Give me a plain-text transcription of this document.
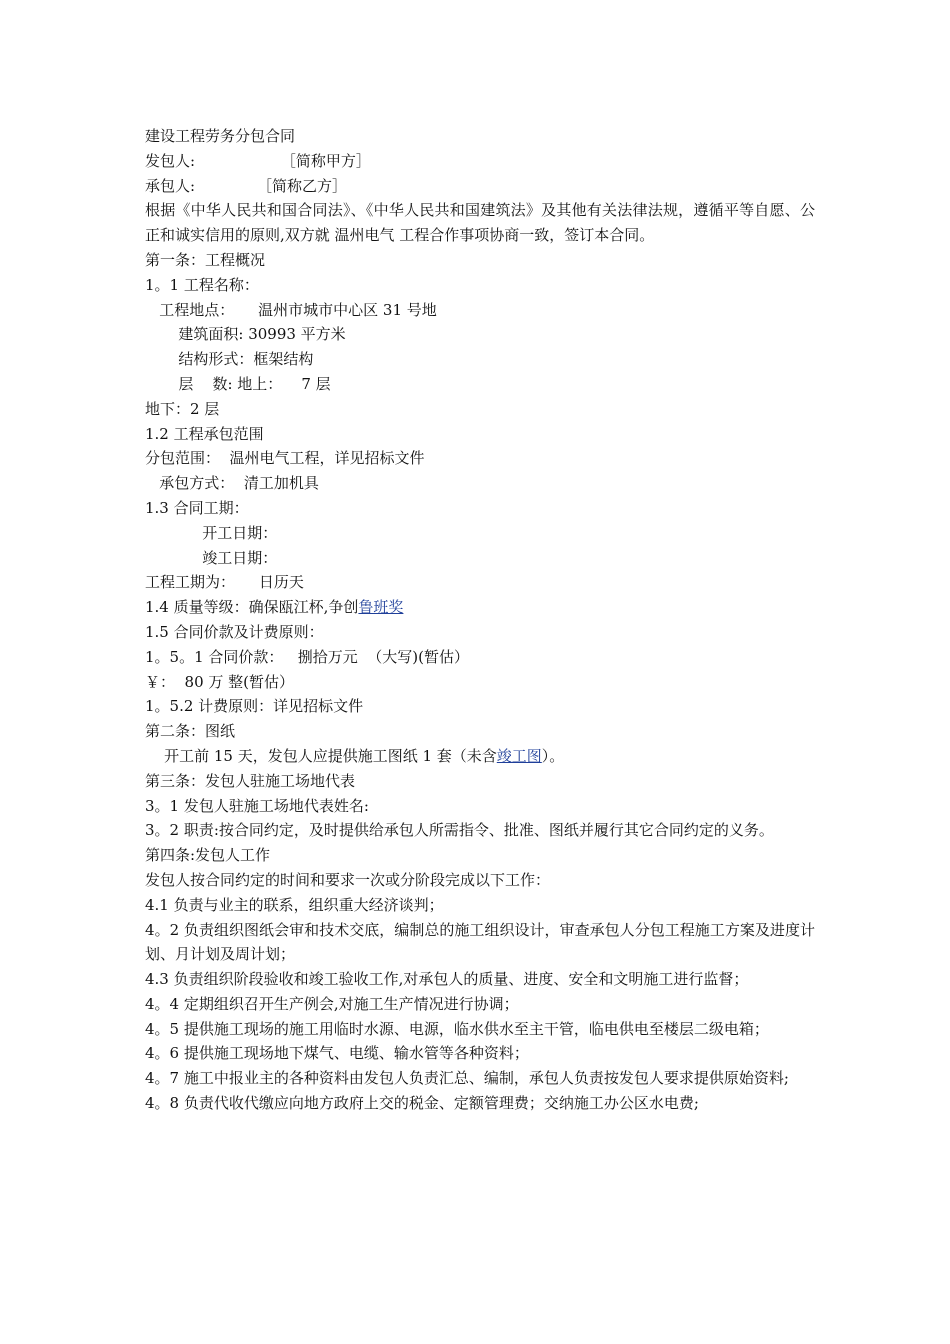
建设工程劳务分包合同
发包人:                  ［简称甲方］
承包人:             ［简称乙方］
根据《中华人民共和国合同法》、《中华人民共和国建筑法》及其他有关法律法规，遵循平等自愿、公正和诚实信用的原则,双方就 温州电气 工程合作事项协商一致，签订本合同。
第一条：工程概况
1。1 工程名称：
工程地点：     温州市城市中心区 31 号地
建筑面积: 30993 平方米
结构形式：框架结构
层    数: 地上：    7 层
地下：2 层
1.2 工程承包范围
分包范围：  温州电气工程，详见招标文件
承包方式：  清工加机具
1.3 合同工期：
开工日期：
竣工日期：
工程工期为：     日历天
1.4 质量等级：确保瓯江杯,争创鲁班奖
1.5 合同价款及计费原则：
1。5。1 合同价款：   捌拾万元  （大写)(暂估）
￥：  80 万 整(暂估）
1。5.2 计费原则：详见招标文件
第二条：图纸
开工前 15 天，发包人应提供施工图纸 1 套（未含竣工图）。
第三条：发包人驻施工场地代表
3。1 发包人驻施工场地代表姓名:
3。2 职责:按合同约定，及时提供给承包人所需指令、批准、图纸并履行其它合同约定的义务。
第四条:发包人工作
发包人按合同约定的时间和要求一次或分阶段完成以下工作：
4.1 负责与业主的联系，组织重大经济谈判；
4。2 负责组织图纸会审和技术交底，编制总的施工组织设计，审查承包人分包工程施工方案及进度计划、月计划及周计划；
4.3 负责组织阶段验收和竣工验收工作,对承包人的质量、进度、安全和文明施工进行监督；
4。4 定期组织召开生产例会,对施工生产情况进行协调；
4。5 提供施工现场的施工用临时水源、电源，临水供水至主干管，临电供电至楼层二级电箱；
4。6 提供施工现场地下煤气、电缆、输水管等各种资料；
4。7 施工中报业主的各种资料由发包人负责汇总、编制，承包人负责按发包人要求提供原始资料;
4。8 负责代收代缴应向地方政府上交的税金、定额管理费；交纳施工办公区水电费;
